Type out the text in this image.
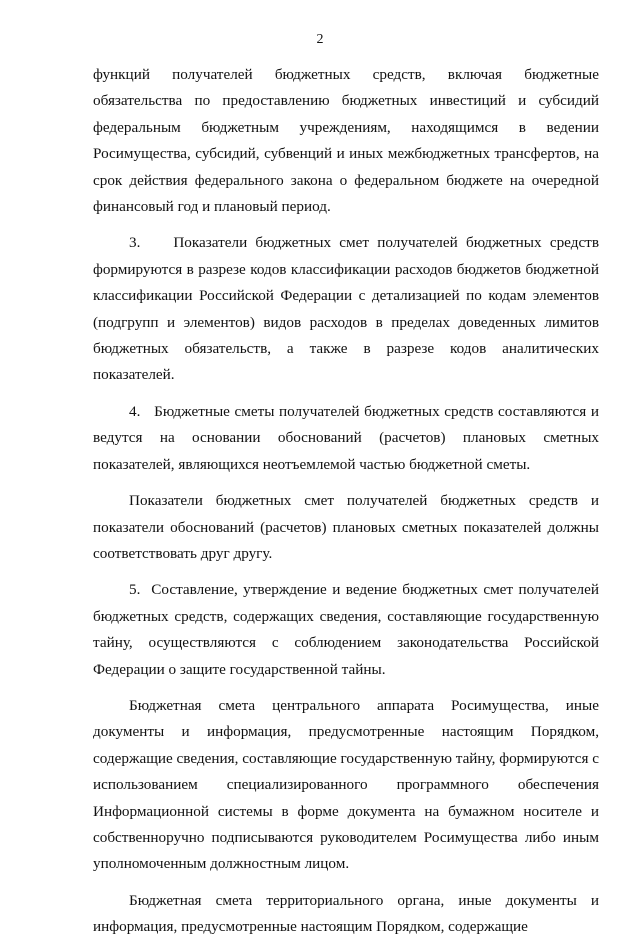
2

функций получателей бюджетных средств, включая бюджетные обязательства по предоставлению бюджетных инвестиций и субсидий федеральным бюджетным учреждениям, находящимся в ведении Росимущества, субсидий, субвенций и иных межбюджетных трансфертов, на срок действия федерального закона о федеральном бюджете на очередной финансовый год и плановый период.

3.    Показатели бюджетных смет получателей бюджетных средств формируются в разрезе кодов классификации расходов бюджетов бюджетной классификации Российской Федерации с детализацией по кодам элементов (подгрупп и элементов) видов расходов в пределах доведенных лимитов бюджетных обязательств, а также в разрезе кодов аналитических показателей.

4.   Бюджетные сметы получателей бюджетных средств составляются и ведутся на основании обоснований (расчетов) плановых сметных показателей, являющихся неотъемлемой частью бюджетной сметы.

Показатели бюджетных смет получателей бюджетных средств и показатели обоснований (расчетов) плановых сметных показателей должны соответствовать друг другу.

5.  Составление, утверждение и ведение бюджетных смет получателей бюджетных средств, содержащих сведения, составляющие государственную тайну, осуществляются с соблюдением законодательства Российской Федерации о защите государственной тайны.

Бюджетная смета центрального аппарата Росимущества, иные документы и информация, предусмотренные настоящим Порядком, содержащие сведения, составляющие государственную тайну, формируются с использованием специализированного программного обеспечения Информационной системы в форме документа на бумажном носителе и собственноручно подписываются руководителем Росимущества либо иным уполномоченным должностным лицом.

Бюджетная смета территориального органа, иные документы и информация, предусмотренные настоящим Порядком, содержащие
